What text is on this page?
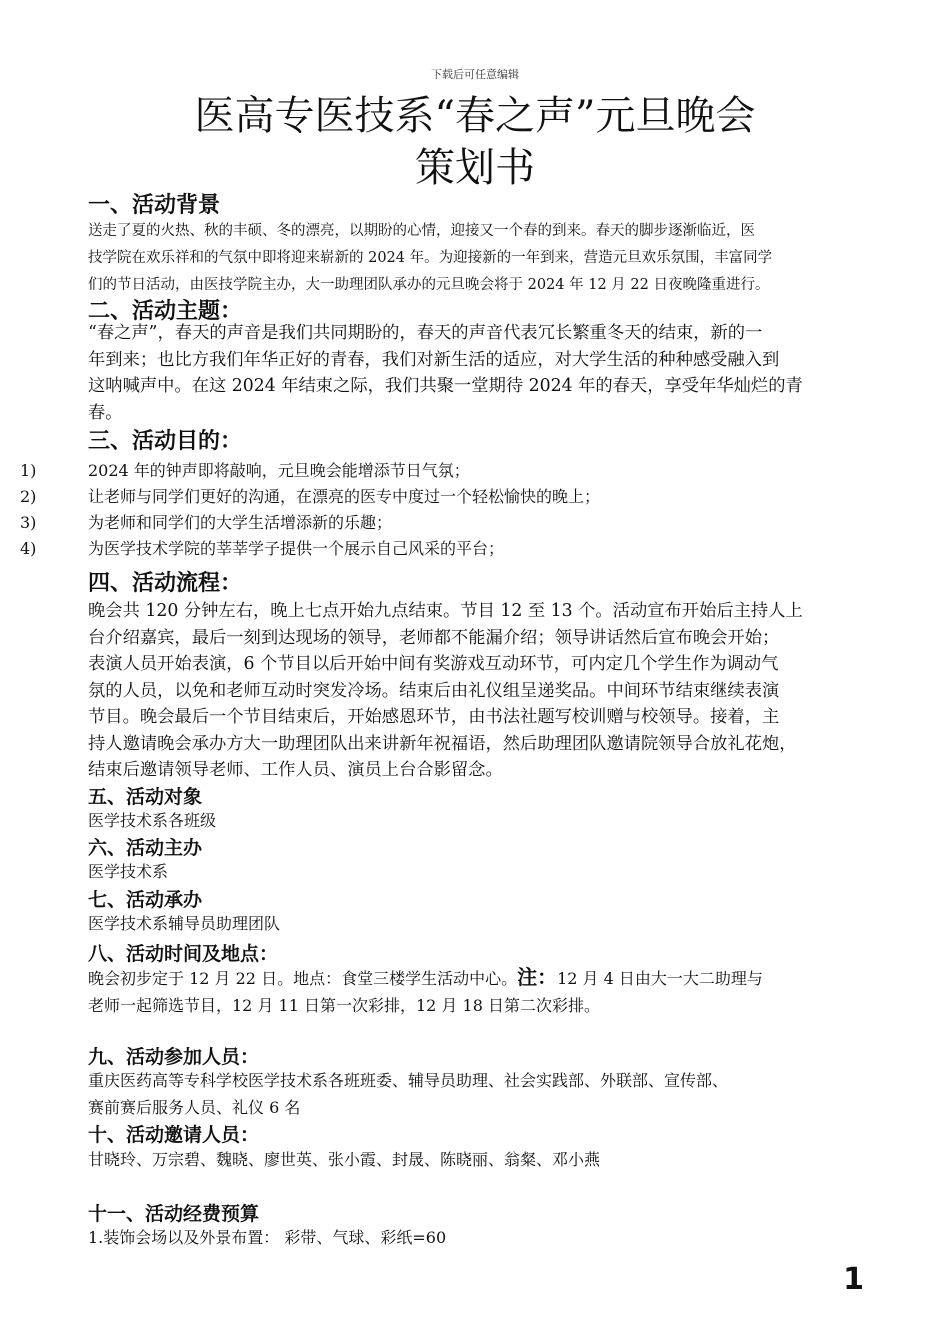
下载后可任意编辑
医高专医技系“春之声”元旦晚会
策划书
一、活动背景
送走了夏的火热、秋的丰硕、冬的漂亮，以期盼的心情，迎接又一个春的到来。春天的脚步逐渐临近，医
技学院在欢乐祥和的气氛中即将迎来崭新的 2024 年。为迎接新的一年到来，营造元旦欢乐氛围，丰富同学
们的节日活动，由医技学院主办，大一助理团队承办的元旦晚会将于 2024 年 12 月 22 日夜晚隆重进行。
二、活动主题：
“春之声”，春天的声音是我们共同期盼的，春天的声音代表冗长繁重冬天的结束，新的一
年到来；也比方我们年华正好的青春，我们对新生活的适应，对大学生活的种种感受融入到
这呐喊声中。在这 2024 年结束之际，我们共聚一堂期待 2024 年的春天，享受年华灿烂的青
春。
三、活动目的：
1)	2024 年的钟声即将敲响，元旦晚会能增添节日气氛；
2)	让老师与同学们更好的沟通，在漂亮的医专中度过一个轻松愉快的晚上；
3)	为老师和同学们的大学生活增添新的乐趣；
4)	为医学技术学院的莘莘学子提供一个展示自己风采的平台；
四、活动流程：
晚会共 120 分钟左右，晚上七点开始九点结束。节目 12 至 13 个。活动宣布开始后主持人上
台介绍嘉宾，最后一刻到达现场的领导，老师都不能漏介绍；领导讲话然后宣布晚会开始；
表演人员开始表演，6 个节目以后开始中间有奖游戏互动环节，可内定几个学生作为调动气
氛的人员，以免和老师互动时突发冷场。结束后由礼仪组呈递奖品。中间环节结束继续表演
节目。晚会最后一个节目结束后，开始感恩环节，由书法社题写校训赠与校领导。接着，主
持人邀请晚会承办方大一助理团队出来讲新年祝福语，然后助理团队邀请院领导合放礼花炮，
结束后邀请领导老师、工作人员、演员上台合影留念。
五、活动对象
医学技术系各班级
六、活动主办
医学技术系
七、活动承办
医学技术系辅导员助理团队
八、活动时间及地点：
晚会初步定于 12 月 22 日。地点：食堂三楼学生活动中心。注：12 月 4 日由大一大二助理与
老师一起筛选节目，12 月 11 日第一次彩排，12 月 18 日第二次彩排。
九、活动参加人员：
重庆医药高等专科学校医学技术系各班班委、辅导员助理、社会实践部、外联部、宣传部、
赛前赛后服务人员、礼仪 6 名
十、活动邀请人员：
甘晓玲、万宗碧、魏晓、廖世英、张小霞、封晟、陈晓丽、翁粲、邓小燕
十一、活动经费预算
1.装饰会场以及外景布置： 彩带、气球、彩纸=60
1
